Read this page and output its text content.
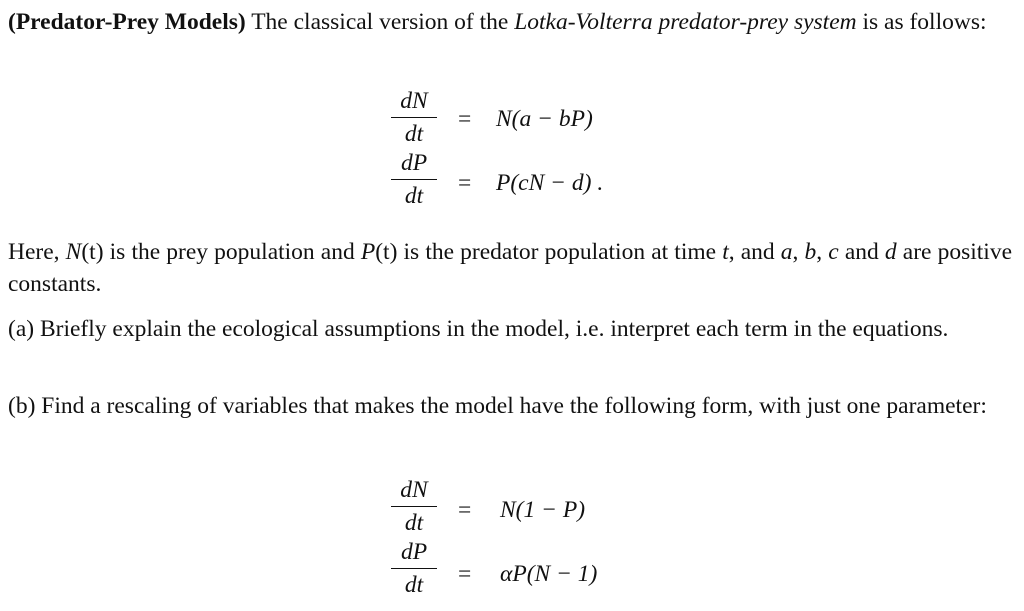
(Predator-Prey Models) The classical version of the Lotka-Volterra predator-prey system is as follows:

$\frac{dN}{dt} = N(a - bP)$
$\frac{dP}{dt} = P(cN - d)$ .

Here, N(t) is the prey population and P(t) is the predator population at time t, and a, b, c and d are positive constants.

(a) Briefly explain the ecological assumptions in the model, i.e. interpret each term in the equations.

(b) Find a rescaling of variables that makes the model have the following form, with just one parameter:

$\frac{dN}{dt} = N(1 - P)$
$\frac{dP}{dt} = \alpha P(N - 1)$
